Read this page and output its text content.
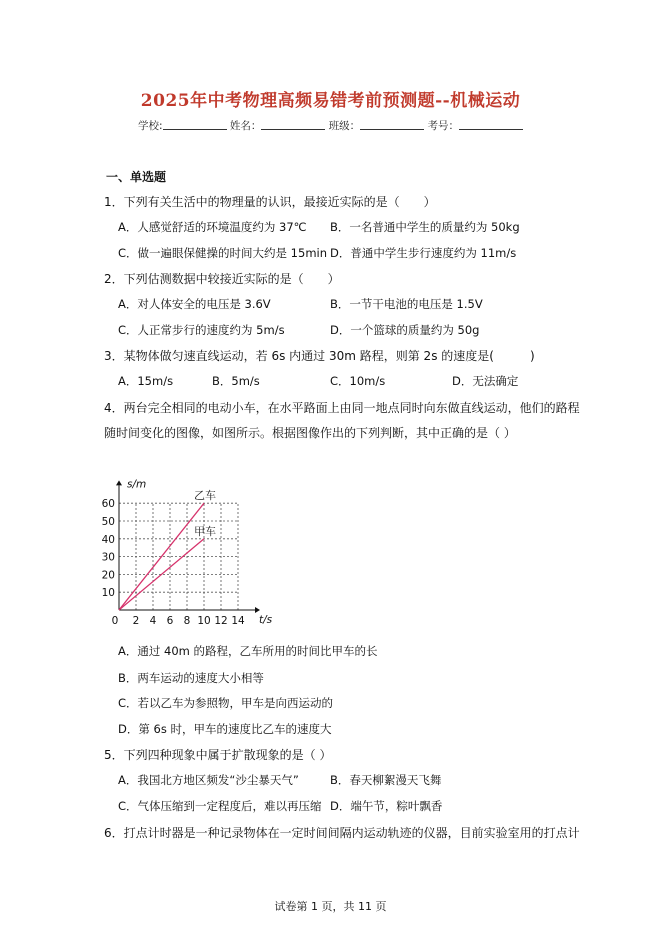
2025年中考物理高频易错考前预测题--机械运动
学校:	姓名：	班级：	考号：
一、单选题
1．下列有关生活中的物理量的认识，最接近实际的是（　　）
A．人感觉舒适的环境温度约为 37℃ B．一名普通中学生的质量约为 50kg
C．做一遍眼保健操的时间大约是 15min D．普通中学生步行速度约为 11m/s
2．下列估测数据中较接近实际的是（　　）
A．对人体安全的电压是 3.6V	B．一节干电池的电压是 1.5V
C．人正常步行的速度约为 5m/s	D．一个篮球的质量约为 50g
3．某物体做匀速直线运动，若 6s 内通过 30m 路程，则第 2s 的速度是(　　　)
A．15m/s	B．5m/s	C．10m/s	D．无法确定
4．两台完全相同的电动小车，在水平路面上由同一地点同时向东做直线运动，他们的路程
随时间变化的图像，如图所示。根据图像作出的下列判断，其中正确的是（ ）
2 4 6 8 10 12 14
10
20
30
40
50
60
0	t/s
s/m
乙车
甲车
A．通过 40m 的路程，乙车所用的时间比甲车的长
B．两车运动的速度大小相等
C．若以乙车为参照物，甲车是向西运动的
D．第 6s 时，甲车的速度比乙车的速度大
5．下列四种现象中属于扩散现象的是（ ）
A．我国北方地区频发“沙尘暴天气”	B．春天柳絮漫天飞舞
C．气体压缩到一定程度后，难以再压缩 D．端午节，粽叶飘香
6．打点计时器是一种记录物体在一定时间间隔内运动轨迹的仪器，目前实验室用的打点计
试卷第 1 页，共 11 页
